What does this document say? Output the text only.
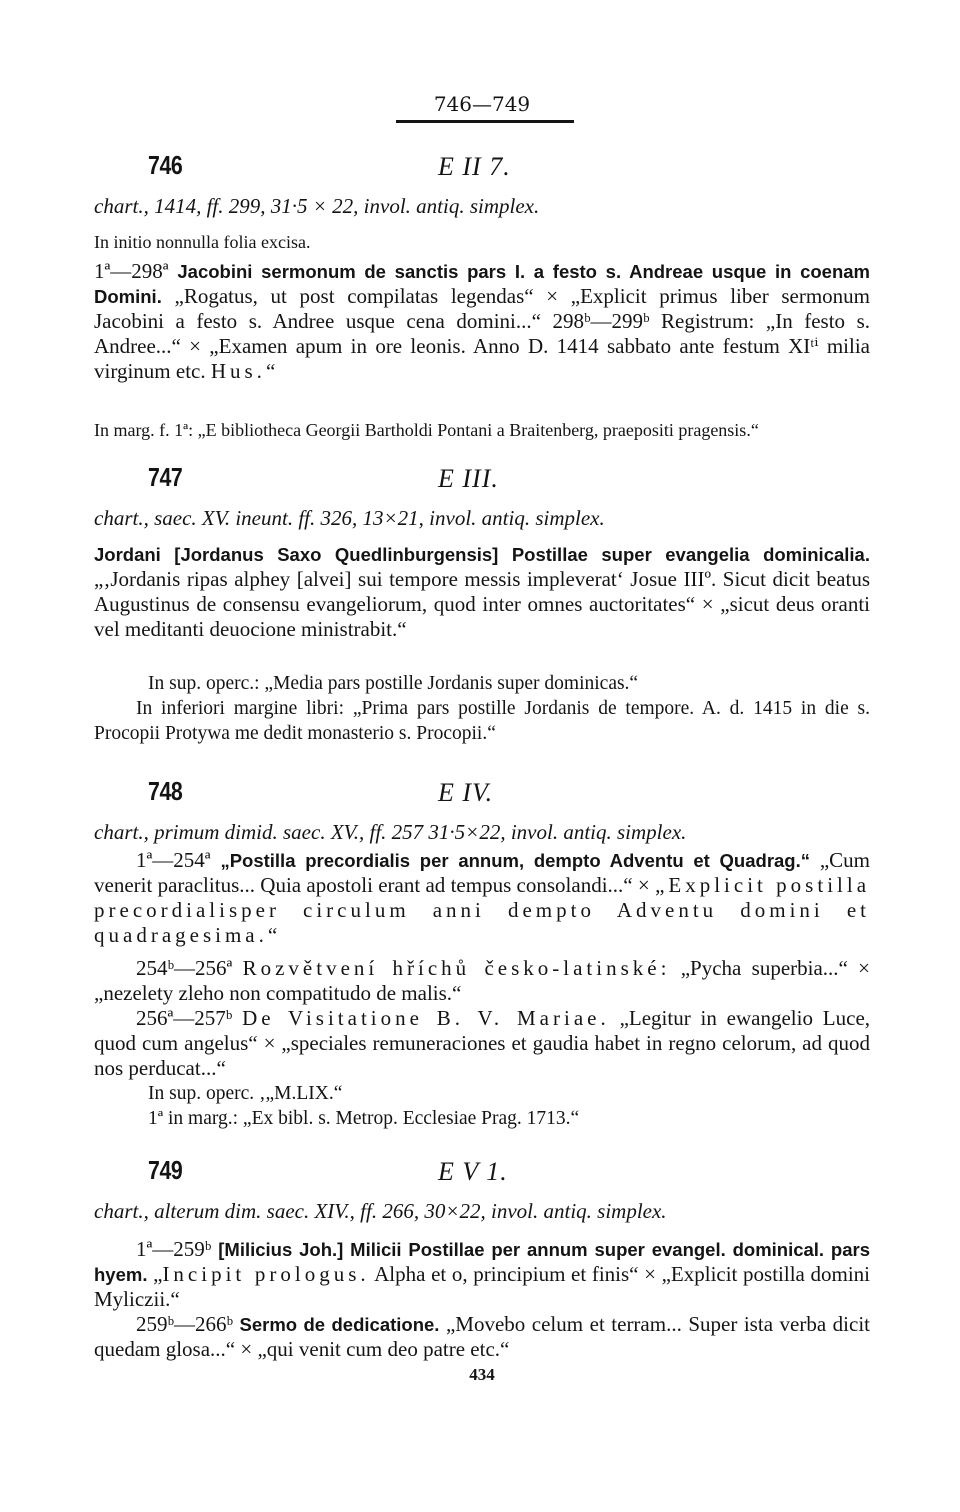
746—749
746	E II 7.
chart., 1414, ff. 299, 31·5 × 22, invol. antiq. simplex.

In initio nonnulla folia excisa.

1ª—298ª Jacobini sermonum de sanctis pars I. a festo s. Andreae usque in coenam Domini. „Rogatus, ut post compilatas legendas“ × „Explicit primus liber sermonum Jacobini a festo s. Andree usque cena domini...“ 298ᵇ—299ᵇ Registrum: „In festo s. Andree...“ × „Examen apum in ore leonis. Anno D. 1414 sabbato ante festum XIᵗⁱ milia virginum etc. Hus.“

In marg. f. 1ª: „E bibliotheca Georgii Bartholdi Pontani a Braitenberg, praepositi pragensis.“

747	E III.
chart., saec. XV. ineunt. ff. 326, 13×21, invol. antiq. simplex.

Jordani [Jordanus Saxo Quedlinburgensis] Postillae super evangelia dominicalia. „‚Jordanis ripas alphey [alvei] sui tempore messis impleverat‘ Josue IIIº. Sicut dicit beatus Augustinus de consensu evangeliorum, quod inter omnes auctoritates“ × „sicut deus oranti vel meditanti deuocione ministrabit.“

In sup. operc.: „Media pars postille Jordanis super dominicas.“

In inferiori margine libri: „Prima pars postille Jordanis de tempore. A. d. 1415 in die s. Procopii Protywa me dedit monasterio s. Procopii.“

748	E IV.
chart., primum dimid. saec. XV., ff. 257 31·5×22, invol. antiq. simplex.

1ª—254ª „Postilla precordialis per annum, dempto Adventu et Quadrag.“ „Cum venerit paraclitus... Quia apostoli erant ad tempus consolandi...“ × „Explicit postilla precordialisper circulum anni dempto Adventu domini et quadragesima.“

254ᵇ—256ª Rozvětvení hříchů česko-latinské: „Pycha superbia...“ × „nezelety zleho non compatitudo de malis.“

256ª—257ᵇ De Visitatione B. V. Mariae. „Legitur in ewangelio Luce, quod cum angelus“ × „speciales remuneraciones et gaudia habet in regno celorum, ad quod nos perducat...“

In sup. operc. ‚„M.LIX.“

1ª in marg.: „Ex bibl. s. Metrop. Ecclesiae Prag. 1713.“

749	E V 1.
chart., alterum dim. saec. XIV., ff. 266, 30×22, invol. antiq. simplex.

1ª—259ᵇ [Milicius Joh.] Milicii Postillae per annum super evangel. dominical. pars hyem. „Incipit prologus. Alpha et o, principium et finis“ × „Explicit postilla domini Myliczii.“

259ᵇ—266ᵇ Sermo de dedicatione. „Movebo celum et terram... Super ista verba dicit quedam glosa...“ × „qui venit cum deo patre etc.“

434
